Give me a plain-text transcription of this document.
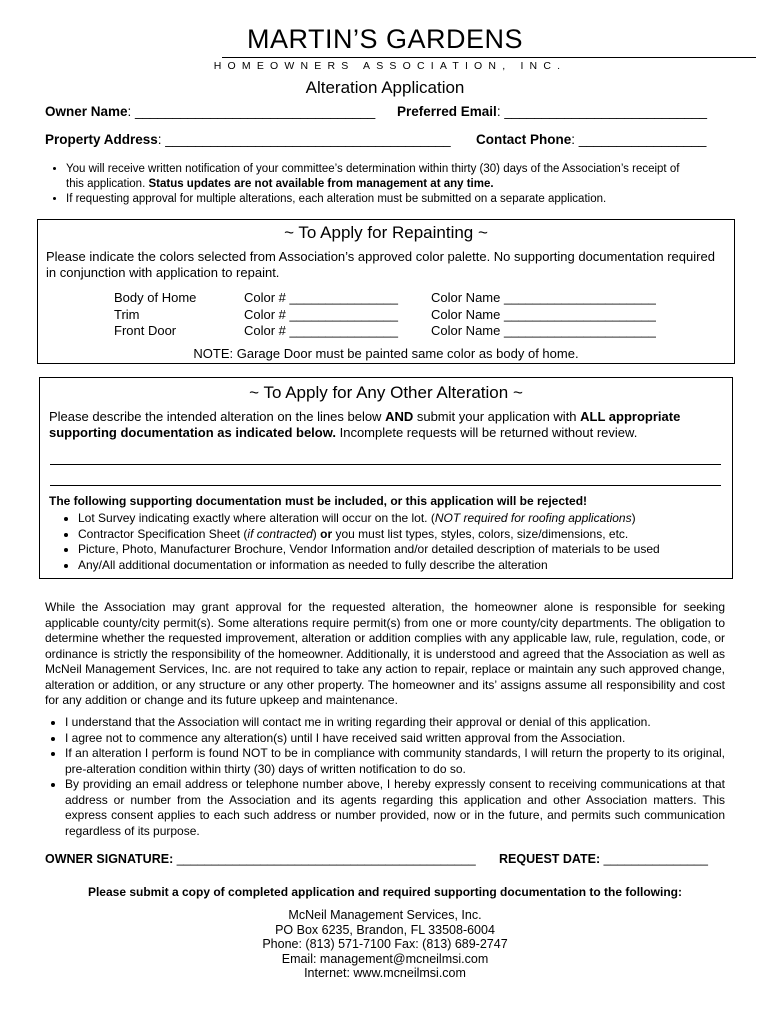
MARTIN’S GARDENS
HOMEOWNERS ASSOCIATION, INC.
Alteration Application
Owner Name: ________________________________ Preferred Email: ___________________________
Property Address: ______________________________________ Contact Phone: _________________
• You will receive written notification of your committee’s determination within thirty (30) days of the Association’s receipt of this application. Status updates are not available from management at any time.
• If requesting approval for multiple alterations, each alteration must be submitted on a separate application.
~ To Apply for Repainting ~
Please indicate the colors selected from Association’s approved color palette. No supporting documentation required in conjunction with application to repaint.
Body of Home	Color # _______________	Color Name _____________________
Trim	Color # _______________	Color Name _____________________
Front Door	Color # _______________	Color Name _____________________
NOTE: Garage Door must be painted same color as body of home.
~ To Apply for Any Other Alteration ~
Please describe the intended alteration on the lines below AND submit your application with ALL appropriate supporting documentation as indicated below. Incomplete requests will be returned without review.
The following supporting documentation must be included, or this application will be rejected!
• Lot Survey indicating exactly where alteration will occur on the lot. (NOT required for roofing applications)
• Contractor Specification Sheet (if contracted) or you must list types, styles, colors, size/dimensions, etc.
• Picture, Photo, Manufacturer Brochure, Vendor Information and/or detailed description of materials to be used
• Any/All additional documentation or information as needed to fully describe the alteration
While the Association may grant approval for the requested alteration, the homeowner alone is responsible for seeking applicable county/city permit(s). Some alterations require permit(s) from one or more county/city departments. The obligation to determine whether the requested improvement, alteration or addition complies with any applicable law, rule, regulation, code, or ordinance is strictly the responsibility of the homeowner. Additionally, it is understood and agreed that the Association as well as McNeil Management Services, Inc. are not required to take any action to repair, replace or maintain any such approved change, alteration or addition, or any structure or any other property. The homeowner and its’ assigns assume all responsibility and cost for any addition or change and its future upkeep and maintenance.
• I understand that the Association will contact me in writing regarding their approval or denial of this application.
• I agree not to commence any alteration(s) until I have received said written approval from the Association.
• If an alteration I perform is found NOT to be in compliance with community standards, I will return the property to its original, pre-alteration condition within thirty (30) days of written notification to do so.
• By providing an email address or telephone number above, I hereby expressly consent to receiving communications at that address or number from the Association and its agents regarding this application and other Association matters. This express consent applies to each such address or number provided, now or in the future, and permits such communication regardless of its purpose.
OWNER SIGNATURE: ___________________________________________ REQUEST DATE: _______________
Please submit a copy of completed application and required supporting documentation to the following:
McNeil Management Services, Inc.
PO Box 6235, Brandon, FL 33508-6004
Phone: (813) 571-7100 Fax: (813) 689-2747
Email: management@mcneilmsi.com
Internet: www.mcneilmsi.com
